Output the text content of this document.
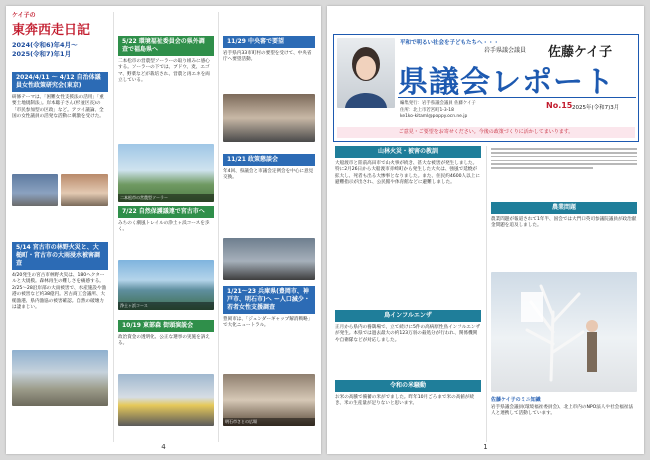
ケイ子の
東奔西走日記
2024(令和6)年4月〜
2025(令和7)年1月
2024/4/11 〜 4/12 自治体議員女性政策研究会(東京)
研修テーマは、「困難女性支援法の活用」「重要土地規制法」。岸本聡子さん(杉並区長)の「市民参加型の区政」など。アツイ議論、全国の女性議員の活発な活動に刺激を受けた。
5/14 宮古市の林野火災と、大槌町・宮古市の大雨浸水被害調査
4/20発生の宮古市林野火災は、180ヘクタールと大規模。森林再生の難しさを痛感する。2/25〜28沿岸部の大雨被害で、水産施設や漁港の被害など約38億円。宮古商工会議所、大槌漁港、県内漁協の被害確認。自然の破壊力は凄まじい。
5/22 環境福祉委員会の県外調査で福島県へ
二本松市の営農型ソーラーの取り組みに感心する。ソーラーの下では、ブドウ、麦、エゴマ、野菜などが栽培され、営農と再エネを両立している。
二本松市の営農型ソーラー
7/22 自然保護議連で宮古市へ
みちのく潮風トレイルの浄土ヶ浜コースを歩く。
浄土ヶ浜コース
10/19 東部森 街頭演説会
政治資金の透明化、公正な選挙の実施を訴える。
11/29 中央審で要望
岩手県内33市町村の要望を受けて、中央省庁へ要望活動。
11/21 政策懇談会
年4回、県議会と市議会定例会を中心に意見交換。
1/21〜23 兵庫県(豊岡市、神戸市、明石市)へ ー人口減少・若者女性支援調査
豊岡市は、「ジェンダーギャップ解消戦略」で大化ニュートラル。
明石市さとの広場
4
平和で明るい社会を子どもたちへ・・・
岩手県議会議員 佐藤ケイ子
県議会レポート
編集発行：岩手県議会議員 佐藤ケイ子
住所：北上市若宮町1-3-18
ke1ko-kitaml@poppy.ocn.ne.jp
No.15 2025年(令和7)3月
ご意見・ご要望をお寄せください。今後の政策づくりに活かしてまいります。
山林火災・被害の教訓
大船渡市と陸前高田市で山火事が続き、甚大な被害が発生しました。特に2月26日から大船渡市赤崎町から発生した大火は、強風で延焼が拡大し、死者も出る大惨事となりました。また、住民約4600人以上に避難指示が出され、公民館や体育館などに避難しました。
鳥インフルエンザ
正月から県内の養鶏場で、立て続けに5件の高病原性鳥インフルエンザが発生。本県では過去最大の約123万羽の殺処分が行われ、関係機関や自衛隊などが対応しました。
令和の米騒動
お米の高騰で備蓄の米がでました。昨年10月ごろまで米の高値が続き、米の生産量が足りないと思います。
農業問題
農業問題が報道されて1年半、国会では大門口英司参議院議員が政治献金問題を追及しました。
佐藤ケイ子のミニ知識
岩手県議会議員(環境福祉委員会)、北上市内のNPO法人や社会福祉法人と連携して活動しています。
1
